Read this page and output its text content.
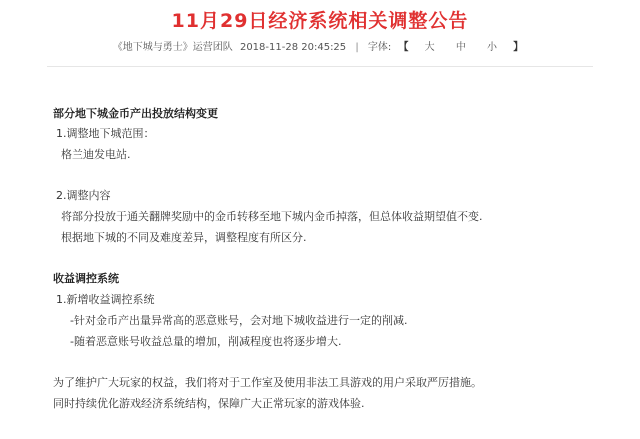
11月29日经济系统相关调整公告
《地下城与勇士》运营团队 2018-11-28 20:45:25 | 字体: 【 大 中 小 】
部分地下城金币产出投放结构变更
1.调整地下城范围：
格兰迪发电站.
2.调整内容
将部分投放于通关翻牌奖励中的金币转移至地下城内金币掉落，但总体收益期望值不变.
根据地下城的不同及难度差异，调整程度有所区分.
收益调控系统
1.新增收益调控系统
-针对金币产出量异常高的恶意账号，会对地下城收益进行一定的削减.
-随着恶意账号收益总量的增加，削减程度也将逐步增大.
为了维护广大玩家的权益，我们将对于工作室及使用非法工具游戏的用户采取严厉措施。
同时持续优化游戏经济系统结构，保障广大正常玩家的游戏体验.
